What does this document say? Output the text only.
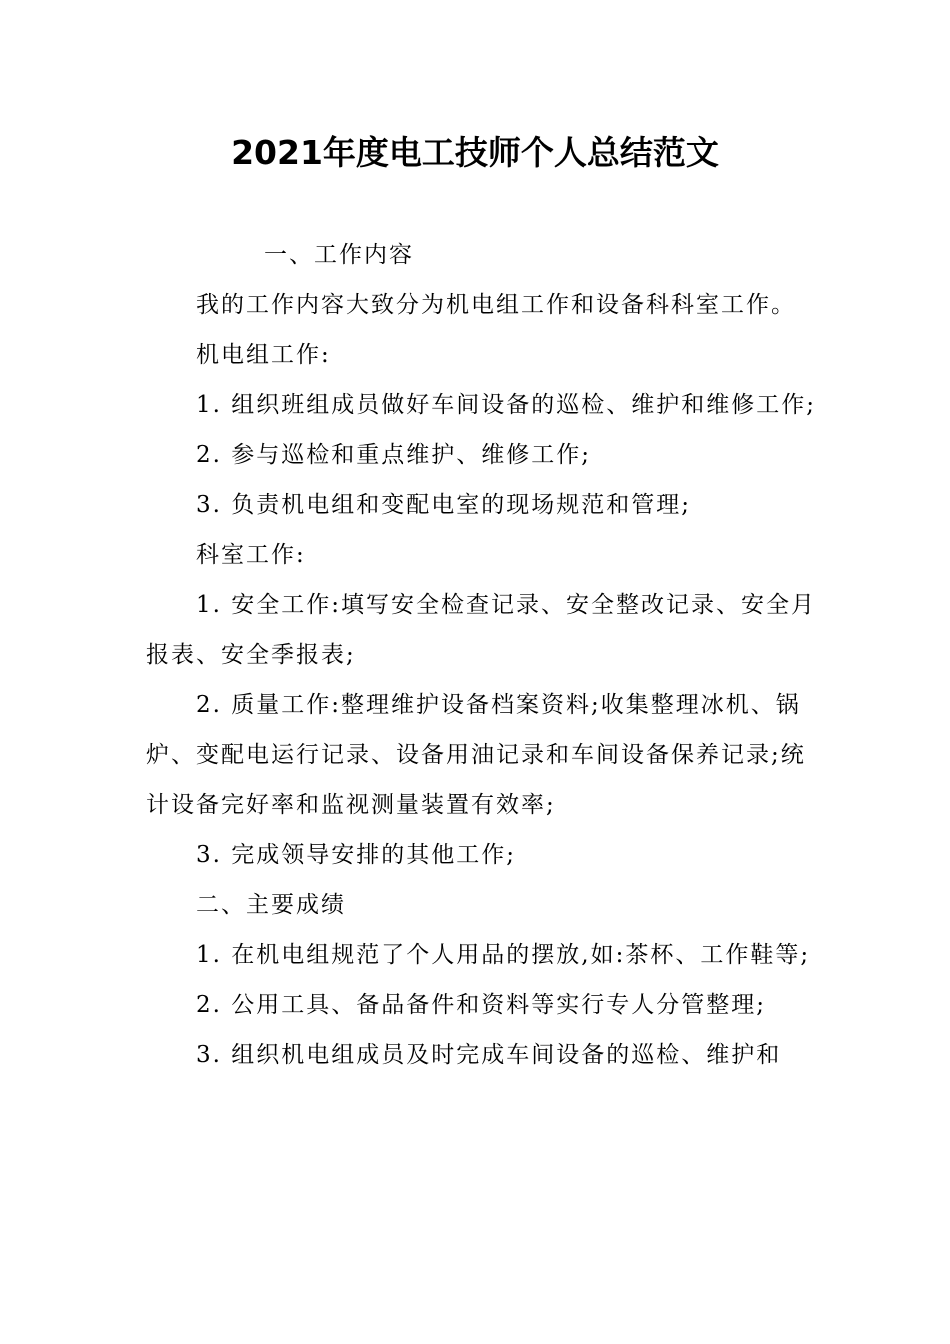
2021年度电工技师个人总结范文

一、工作内容

我的工作内容大致分为机电组工作和设备科科室工作。

机电组工作:

1. 组织班组成员做好车间设备的巡检、维护和维修工作;

2. 参与巡检和重点维护、维修工作;

3. 负责机电组和变配电室的现场规范和管理;

科室工作:

1. 安全工作:填写安全检查记录、安全整改记录、安全月报表、安全季报表;

2. 质量工作:整理维护设备档案资料;收集整理冰机、锅炉、变配电运行记录、设备用油记录和车间设备保养记录;统计设备完好率和监视测量装置有效率;

3. 完成领导安排的其他工作;

二、主要成绩

1. 在机电组规范了个人用品的摆放,如:茶杯、工作鞋等;

2. 公用工具、备品备件和资料等实行专人分管整理;

3. 组织机电组成员及时完成车间设备的巡检、维护和
